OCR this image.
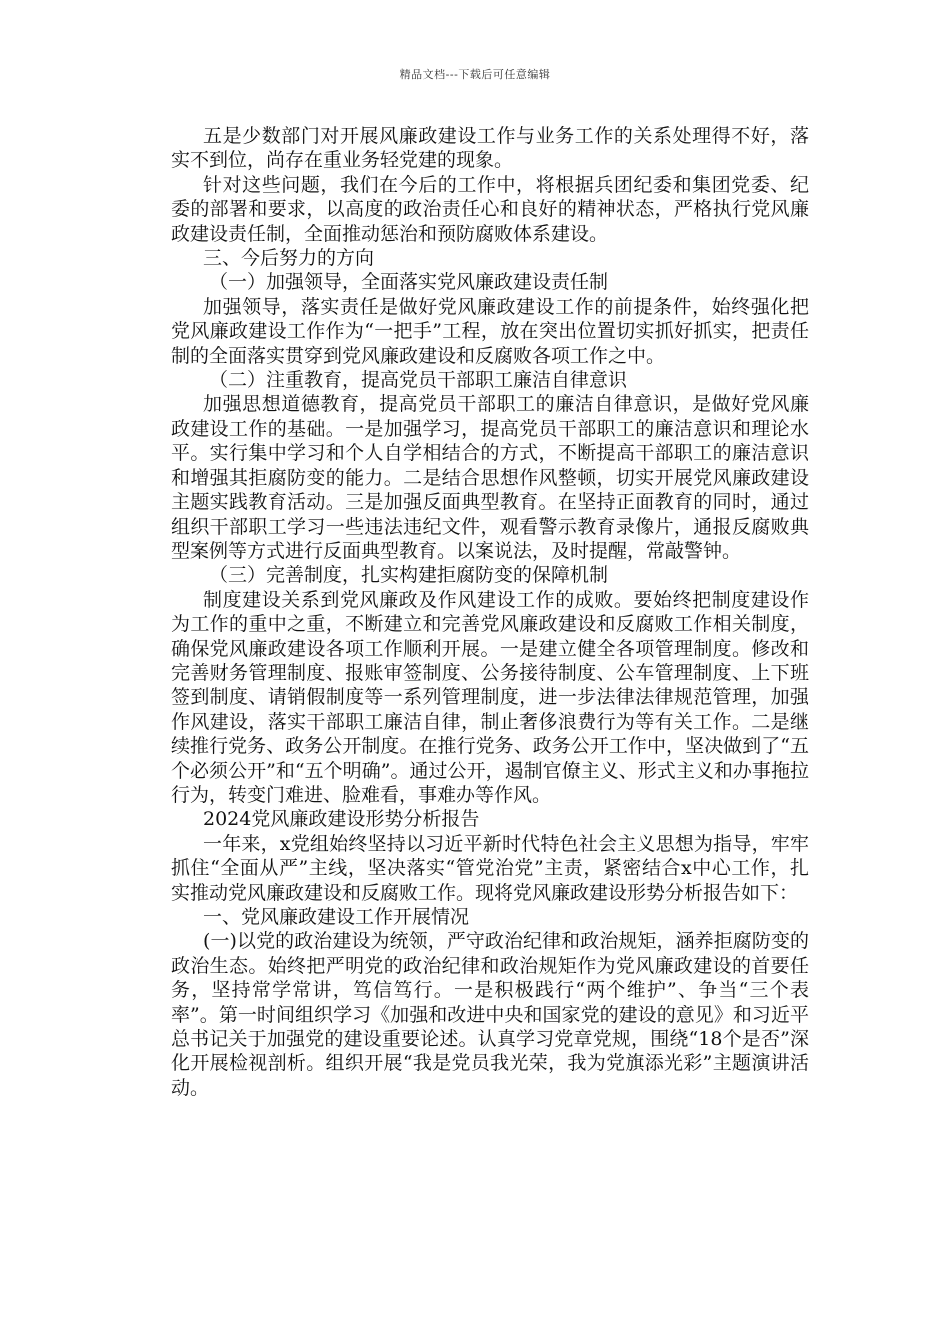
精品文档---下载后可任意编辑

五是少数部门对开展风廉政建设工作与业务工作的关系处理得不好，落实不到位，尚存在重业务轻党建的现象。

针对这些问题，我们在今后的工作中，将根据兵团纪委和集团党委、纪委的部署和要求，以高度的政治责任心和良好的精神状态，严格执行党风廉政建设责任制，全面推动惩治和预防腐败体系建设。

三、今后努力的方向

（一）加强领导，全面落实党风廉政建设责任制

加强领导，落实责任是做好党风廉政建设工作的前提条件，始终强化把党风廉政建设工作作为“一把手”工程，放在突出位置切实抓好抓实，把责任制的全面落实贯穿到党风廉政建设和反腐败各项工作之中。

（二）注重教育，提高党员干部职工廉洁自律意识

加强思想道德教育，提高党员干部职工的廉洁自律意识，是做好党风廉政建设工作的基础。一是加强学习，提高党员干部职工的廉洁意识和理论水平。实行集中学习和个人自学相结合的方式，不断提高干部职工的廉洁意识和增强其拒腐防变的能力。二是结合思想作风整顿，切实开展党风廉政建设主题实践教育活动。三是加强反面典型教育。在坚持正面教育的同时，通过组织干部职工学习一些违法违纪文件，观看警示教育录像片，通报反腐败典型案例等方式进行反面典型教育。以案说法，及时提醒，常敲警钟。

（三）完善制度，扎实构建拒腐防变的保障机制

制度建设关系到党风廉政及作风建设工作的成败。要始终把制度建设作为工作的重中之重，不断建立和完善党风廉政建设和反腐败工作相关制度，确保党风廉政建设各项工作顺利开展。一是建立健全各项管理制度。修改和完善财务管理制度、报账审签制度、公务接待制度、公车管理制度、上下班签到制度、请销假制度等一系列管理制度，进一步法律法律规范管理，加强作风建设，落实干部职工廉洁自律，制止奢侈浪费行为等有关工作。二是继续推行党务、政务公开制度。在推行党务、政务公开工作中，坚决做到了“五个必须公开”和“五个明确”。通过公开，遏制官僚主义、形式主义和办事拖拉行为，转变门难进、脸难看，事难办等作风。

2024党风廉政建设形势分析报告

一年来，x党组始终坚持以习近平新时代特色社会主义思想为指导，牢牢抓住“全面从严”主线，坚决落实“管党治党”主责，紧密结合x中心工作，扎实推动党风廉政建设和反腐败工作。现将党风廉政建设形势分析报告如下：

一、党风廉政建设工作开展情况

(一)以党的政治建设为统领，严守政治纪律和政治规矩，涵养拒腐防变的政治生态。始终把严明党的政治纪律和政治规矩作为党风廉政建设的首要任务，坚持常学常讲，笃信笃行。一是积极践行“两个维护”、争当“三个表率”。第一时间组织学习《加强和改进中央和国家党的建设的意见》和习近平总书记关于加强党的建设重要论述。认真学习党章党规，围绕“18个是否”深化开展检视剖析。组织开展“我是党员我光荣，我为党旗添光彩”主题演讲活动。
